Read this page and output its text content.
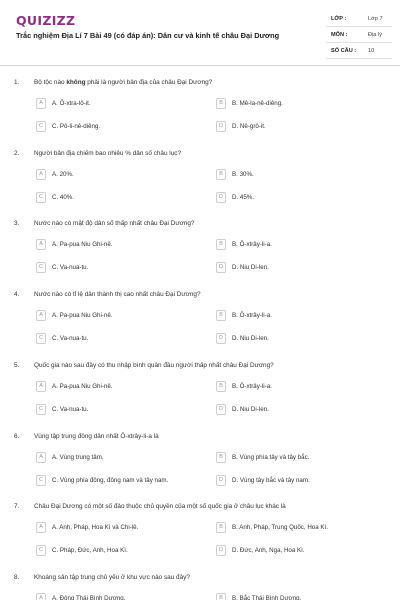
QUIZIZZ
Trắc nghiệm Địa Lí 7 Bài 49 (có đáp án): Dân cư và kinh tế châu Đại Dương
LỚP :	Lớp 7
MÔN :	Địa lý
SỐ CÂU : 10
1. Bộ tộc nào không phải là người bản địa của châu Đại Dương?
A	A. Ô-xtra-lô-it.	B	B. Mê-la-nê-diêng.
C	C. Pô-li-nê-diêng.	D	D. Nê-grô-it.
2. Người bản địa chiếm bao nhiêu % dân số châu lục?
A	A. 20%.	B	B. 30%.
C	C. 40%.	D	D. 45%.
3. Nước nào có mật độ dân số thấp nhất châu Đại Dương?
A	A. Pa-pua Niu Ghi-nê.	B	B. Ô-xtrây-li-a.
C	C. Va-nua-tu.	D	D. Niu Di-len.
4. Nước nào có tỉ lệ dân thành thị cao nhất châu Đại Dương?
A	A. Pa-pua Niu Ghi-nê.	B	B. Ô-xtrây-li-a.
C	C. Va-nua-tu.	D	D. Niu Di-len.
5. Quốc gia nào sau đây có thu nhập bình quân đầu người thấp nhất châu Đại Dương?
A	A. Pa-pua Niu Ghi-nê.	B	B. Ô-xtrây-li-a.
C	C. Va-nua-tu.	D	D. Niu Di-len.
6. Vùng tập trung đông dân nhất Ô-xtrây-li-a là
A	A. Vùng trung tâm.	B	B. Vùng phía tây và tây bắc.
C	C. Vùng phía đông, đông nam và tây nam.	D	D. Vùng tây bắc và tây nam.
7. Châu Đại Dương có một số đảo thuộc chủ quyền của một số quốc gia ở châu lục khác là
A	A. Anh, Pháp, Hoa Kì và Chi-lê.	B	B. Anh, Pháp, Trung Quốc, Hoa Kì.
C	C. Pháp, Đức, Anh, Hoa Kì.	D	D. Đức, Anh, Nga, Hoa Kì.
8. Khoáng sản tập trung chủ yếu ở khu vực nào sau đây?
A	A. Đông Thái Bình Dương.	B	B. Bắc Thái Bình Dương.
